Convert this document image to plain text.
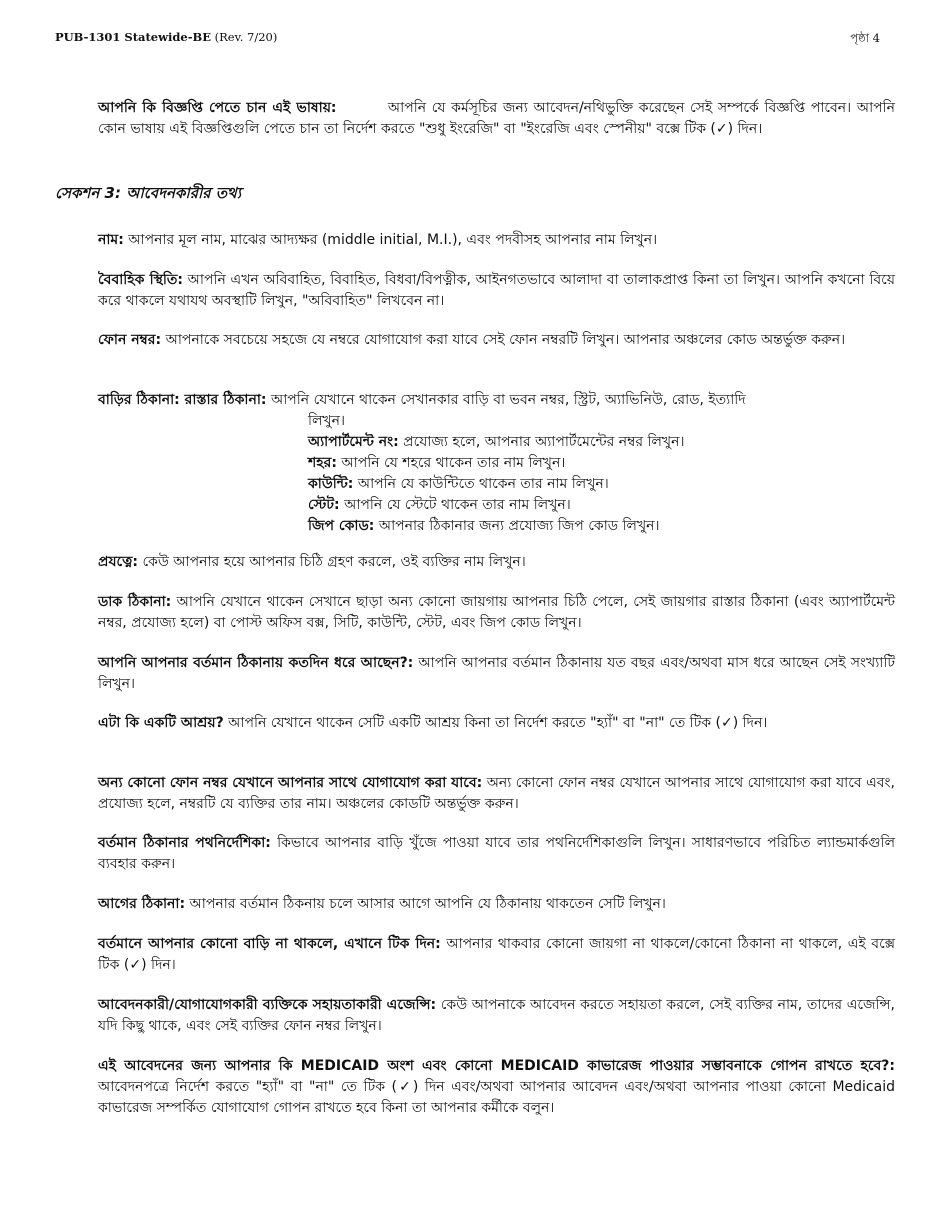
PUB-1301 Statewide-BE (Rev. 7/20)	পৃষ্ঠা 4

আপনি কি বিজ্ঞপ্তি পেতে চান এই ভাষায়:	আপনি যে কর্মসূচির জন্য আবেদন/নথিভুক্তি করেছেন সেই সম্পর্কে বিজ্ঞপ্তি পাবেন। আপনি কোন ভাষায় এই বিজ্ঞপ্তিগুলি পেতে চান তা নির্দেশ করতে "শুধু ইংরেজি" বা "ইংরেজি এবং স্পেনীয়" বক্সে টিক (✓) দিন।

সেকশন 3: আবেদনকারীর তথ্য

নাম: আপনার মূল নাম, মাঝের আদ্যক্ষর (middle initial, M.I.), এবং পদবীসহ আপনার নাম লিখুন।

বৈবাহিক স্থিতি: আপনি এখন অবিবাহিত, বিবাহিত, বিধবা/বিপত্নীক, আইনগতভাবে আলাদা বা তালাকপ্রাপ্ত কিনা তা লিখুন। আপনি কখনো বিয়ে করে থাকলে যথাযথ অবস্থাটি লিখুন, "অবিবাহিত" লিখবেন না।

ফোন নম্বর: আপনাকে সবচেয়ে সহজে যে নম্বরে যোগাযোগ করা যাবে সেই ফোন নম্বরটি লিখুন। আপনার অঞ্চলের কোড অন্তর্ভুক্ত করুন।

বাড়ির ঠিকানা: রাস্তার ঠিকানা: আপনি যেখানে থাকেন সেখানকার বাড়ি বা ভবন নম্বর, স্ট্রিট, অ্যাভিনিউ, রোড, ইত্যাদি

লিখুন।

অ্যাপার্টমেন্ট নং: প্রযোজ্য হলে, আপনার অ্যাপার্টমেন্টের নম্বর লিখুন।

শহর: আপনি যে শহরে থাকেন তার নাম লিখুন।

কাউন্টি: আপনি যে কাউন্টিতে থাকেন তার নাম লিখুন।

স্টেট: আপনি যে স্টেটে থাকেন তার নাম লিখুন।

জিপ কোড: আপনার ঠিকানার জন্য প্রযোজ্য জিপ কোড লিখুন।

প্রযত্নে: কেউ আপনার হয়ে আপনার চিঠি গ্রহণ করলে, ওই ব্যক্তির নাম লিখুন।

ডাক ঠিকানা: আপনি যেখানে থাকেন সেখানে ছাড়া অন্য কোনো জায়গায় আপনার চিঠি পেলে, সেই জায়গার রাস্তার ঠিকানা (এবং অ্যাপার্টমেন্ট নম্বর, প্রযোজ্য হলে) বা পোস্ট অফিস বক্স, সিটি, কাউন্টি, স্টেট, এবং জিপ কোড লিখুন।

আপনি আপনার বর্তমান ঠিকানায় কতদিন ধরে আছেন?: আপনি আপনার বর্তমান ঠিকানায় যত বছর এবং/অথবা মাস ধরে আছেন সেই সংখ্যাটি লিখুন।

এটা কি একটি আশ্রয়? আপনি যেখানে থাকেন সেটি একটি আশ্রয় কিনা তা নির্দেশ করতে "হ্যাঁ" বা "না" তে টিক (✓) দিন।

অন্য কোনো ফোন নম্বর যেখানে আপনার সাথে যোগাযোগ করা যাবে: অন্য কোনো ফোন নম্বর যেখানে আপনার সাথে যোগাযোগ করা যাবে এবং, প্রযোজ্য হলে, নম্বরটি যে ব্যক্তির তার নাম। অঞ্চলের কোডটি অন্তর্ভুক্ত করুন।

বর্তমান ঠিকানার পথনির্দেশিকা: কিভাবে আপনার বাড়ি খুঁজে পাওয়া যাবে তার পথনির্দেশিকাগুলি লিখুন। সাধারণভাবে পরিচিত ল্যান্ডমার্কগুলি ব্যবহার করুন।

আগের ঠিকানা: আপনার বর্তমান ঠিকনায় চলে আসার আগে আপনি যে ঠিকানায় থাকতেন সেটি লিখুন।

বর্তমানে আপনার কোনো বাড়ি না থাকলে, এখানে টিক দিন: আপনার থাকবার কোনো জায়গা না থাকলে/কোনো ঠিকানা না থাকলে, এই বক্সে টিক (✓) দিন।

আবেদনকারী/যোগাযোগকারী ব্যক্তিকে সহায়তাকারী এজেন্সি: কেউ আপনাকে আবেদন করতে সহায়তা করলে, সেই ব্যক্তির নাম, তাদের এজেন্সি, যদি কিছু থাকে, এবং সেই ব্যক্তির ফোন নম্বর লিখুন।

এই আবেদনের জন্য আপনার কি MEDICAID অংশ এবং কোনো MEDICAID কাভারেজ পাওয়ার সম্ভাবনাকে গোপন রাখতে হবে?: আবেদনপত্রে নির্দেশ করতে "হ্যাঁ" বা "না" তে টিক (✓) দিন এবং/অথবা আপনার আবেদন এবং/অথবা আপনার পাওয়া কোনো Medicaid কাভারেজ সম্পর্কিত যোগাযোগ গোপন রাখতে হবে কিনা তা আপনার কর্মীকে বলুন।
